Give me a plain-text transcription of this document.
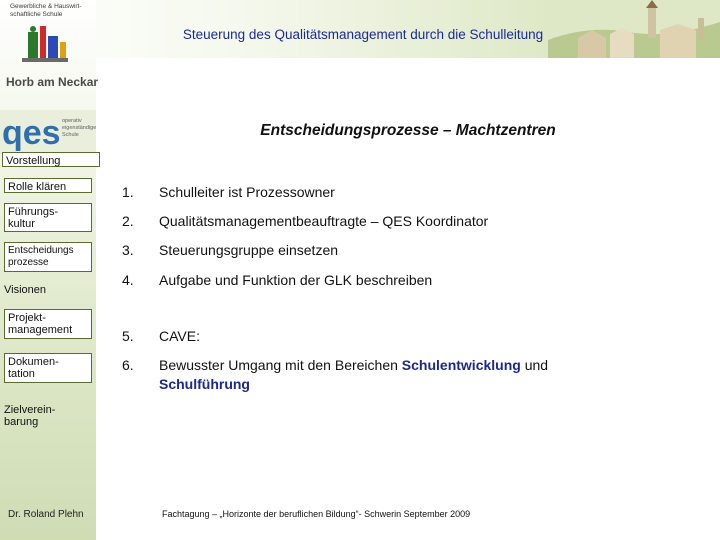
Steuerung des Qualitätsmanagement durch die Schulleitung
Gewerbliche & Hauswirt-
schaftliche Schule
Horb am Neckar
qes operativ
eigenständige
Schule
Vorstellung
Rolle klären
Führungs-
kultur
Entscheidungs
prozesse
Visionen
Projekt-
management
Dokumen-
tation
Zielverein-
barung
Entscheidungsprozesse – Machtzentren
1.	Schulleiter ist Prozessowner
2.	Qualitätsmanagementbeauftragte – QES Koordinator
3.	Steuerungsgruppe einsetzen
4.	Aufgabe und Funktion der GLK beschreiben
5.	CAVE:
6.	Bewusster Umgang mit den Bereichen Schulentwicklung und
Schulführung
Dr. Roland Plehn	Fachtagung – „Horizonte der beruflichen Bildung“- Schwerin September 2009
